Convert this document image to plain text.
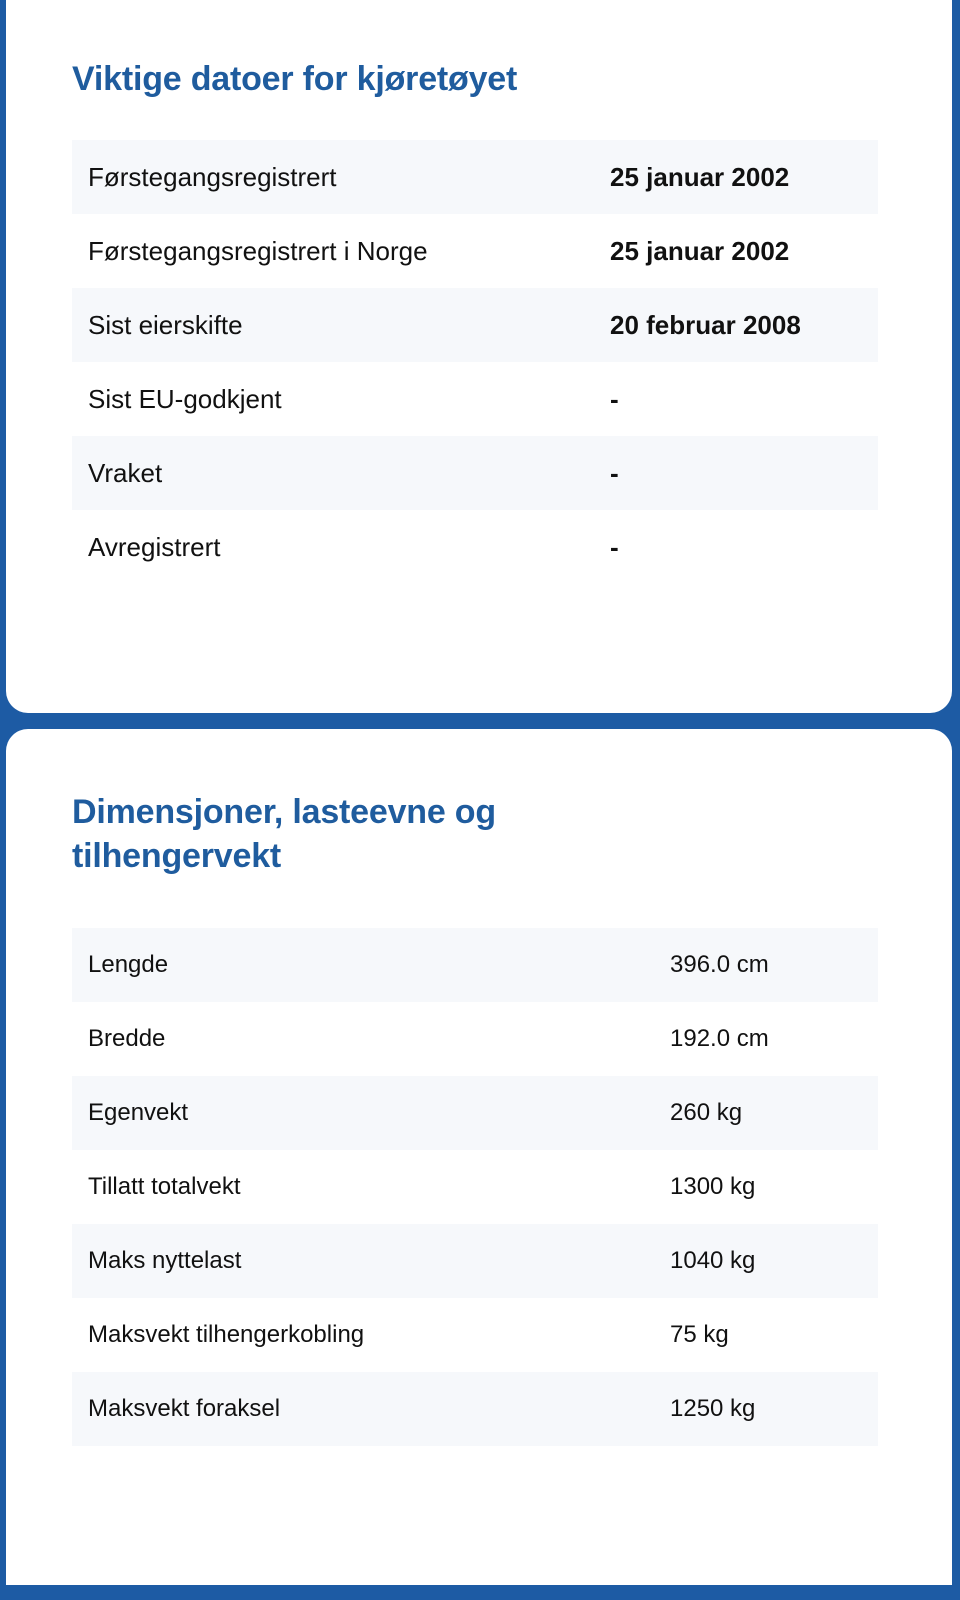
Viktige datoer for kjøretøyet
Førstegangsregistrert	25 januar 2002
Førstegangsregistrert i Norge	25 januar 2002
Sist eierskifte	20 februar 2008
Sist EU-godkjent	-
Vraket	-
Avregistrert	-
Dimensjoner, lasteevne og tilhengervekt
Lengde	396.0 cm
Bredde	192.0 cm
Egenvekt	260 kg
Tillatt totalvekt	1300 kg
Maks nyttelast	1040 kg
Maksvekt tilhengerkobling	75 kg
Maksvekt foraksel	1250 kg
